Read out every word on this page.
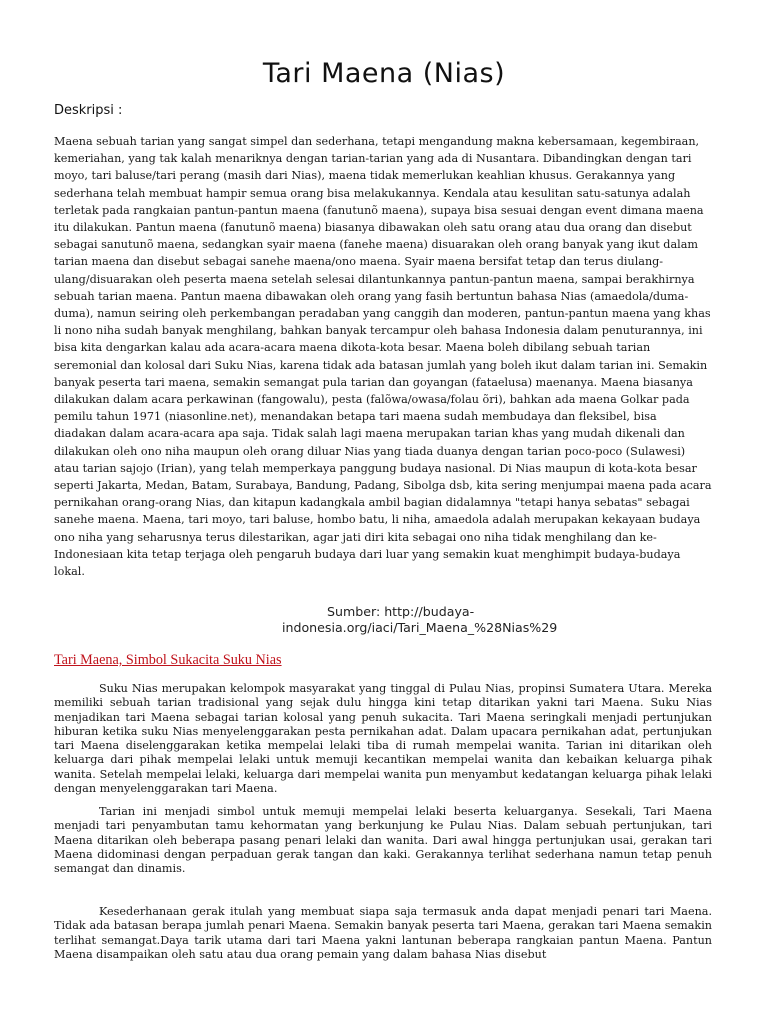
Tari Maena (Nias)

Deskripsi :

Maena sebuah tarian yang sangat simpel dan sederhana, tetapi mengandung makna kebersamaan, kegembiraan, kemeriahan, yang tak kalah menariknya dengan tarian-tarian yang ada di Nusantara. Dibandingkan dengan tari moyo, tari baluse/tari perang (masih dari Nias), maena tidak memerlukan keahlian khusus. Gerakannya yang sederhana telah membuat hampir semua orang bisa melakukannya. Kendala atau kesulitan satu-satunya adalah terletak pada rangkaian pantun-pantun maena (fanutunõ maena), supaya bisa sesuai dengan event dimana maena itu dilakukan. Pantun maena (fanutunõ maena) biasanya dibawakan oleh satu orang atau dua orang dan disebut sebagai sanutunõ maena, sedangkan syair maena (fanehe maena) disuarakan oleh orang banyak yang ikut dalam tarian maena dan disebut sebagai sanehe maena/ono maena. Syair maena bersifat tetap dan terus diulang-ulang/disuarakan oleh peserta maena setelah selesai dilantunkannya pantun-pantun maena, sampai berakhirnya sebuah tarian maena. Pantun maena dibawakan oleh orang yang fasih bertuntun bahasa Nias (amaedola/duma-duma), namun seiring oleh perkembangan peradaban yang canggih dan moderen, pantun-pantun maena yang khas li nono niha sudah banyak menghilang, bahkan banyak tercampur oleh bahasa Indonesia dalam penuturannya, ini bisa kita dengarkan kalau ada acara-acara maena dikota-kota besar. Maena boleh dibilang sebuah tarian seremonial dan kolosal dari Suku Nias, karena tidak ada batasan jumlah yang boleh ikut dalam tarian ini. Semakin banyak peserta tari maena, semakin semangat pula tarian dan goyangan (fataelusa) maenanya. Maena biasanya dilakukan dalam acara perkawinan (fangowalu), pesta (falõwa/owasa/folau õri), bahkan ada maena Golkar pada pemilu tahun 1971 (niasonline.net), menandakan betapa tari maena sudah membudaya dan fleksibel, bisa diadakan dalam acara-acara apa saja. Tidak salah lagi maena merupakan tarian khas yang mudah dikenali dan dilakukan oleh ono niha maupun oleh orang diluar Nias yang tiada duanya dengan tarian poco-poco (Sulawesi) atau tarian sajojo (Irian), yang telah memperkaya panggung budaya nasional. Di Nias maupun di kota-kota besar seperti Jakarta, Medan, Batam, Surabaya, Bandung, Padang, Sibolga dsb, kita sering menjumpai maena pada acara pernikahan orang-orang Nias, dan kitapun kadangkala ambil bagian didalamnya "tetapi hanya sebatas" sebagai sanehe maena. Maena, tari moyo, tari baluse, hombo batu, li niha, amaedola adalah merupakan kekayaan budaya ono niha yang seharusnya terus dilestarikan, agar jati diri kita sebagai ono niha tidak menghilang dan ke-Indonesiaan kita tetap terjaga oleh pengaruh budaya dari luar yang semakin kuat menghimpit budaya-budaya lokal.

Sumber: http://budaya-indonesia.org/iaci/Tari_Maena_%28Nias%29

Tari Maena, Simbol Sukacita Suku Nias

Suku Nias merupakan kelompok masyarakat yang tinggal di Pulau Nias, propinsi Sumatera Utara. Mereka memiliki sebuah tarian tradisional yang sejak dulu hingga kini tetap ditarikan yakni tari Maena. Suku Nias menjadikan tari Maena sebagai tarian kolosal yang penuh sukacita. Tari Maena seringkali menjadi pertunjukan hiburan ketika suku Nias menyelenggarakan pesta pernikahan adat. Dalam upacara pernikahan adat, pertunjukan tari Maena diselenggarakan ketika mempelai lelaki tiba di rumah mempelai wanita. Tarian ini ditarikan oleh keluarga dari pihak mempelai lelaki untuk memuji kecantikan mempelai wanita dan kebaikan keluarga pihak wanita. Setelah mempelai lelaki, keluarga dari mempelai wanita pun menyambut kedatangan keluarga pihak lelaki dengan menyelenggarakan tari Maena.

Tarian ini menjadi simbol untuk memuji mempelai lelaki beserta keluarganya. Sesekali, Tari Maena menjadi tari penyambutan tamu kehormatan yang berkunjung ke Pulau Nias. Dalam sebuah pertunjukan, tari Maena ditarikan oleh beberapa pasang penari lelaki dan wanita. Dari awal hingga pertunjukan usai, gerakan tari Maena didominasi dengan perpaduan gerak tangan dan kaki. Gerakannya terlihat sederhana namun tetap penuh semangat dan dinamis.

Kesederhanaan gerak itulah yang membuat siapa saja termasuk anda dapat menjadi penari tari Maena. Tidak ada batasan berapa jumlah penari Maena. Semakin banyak peserta tari Maena, gerakan tari Maena semakin terlihat semangat.Daya tarik utama dari tari Maena yakni lantunan beberapa rangkaian pantun Maena. Pantun Maena disampaikan oleh satu atau dua orang pemain yang dalam bahasa Nias disebut
